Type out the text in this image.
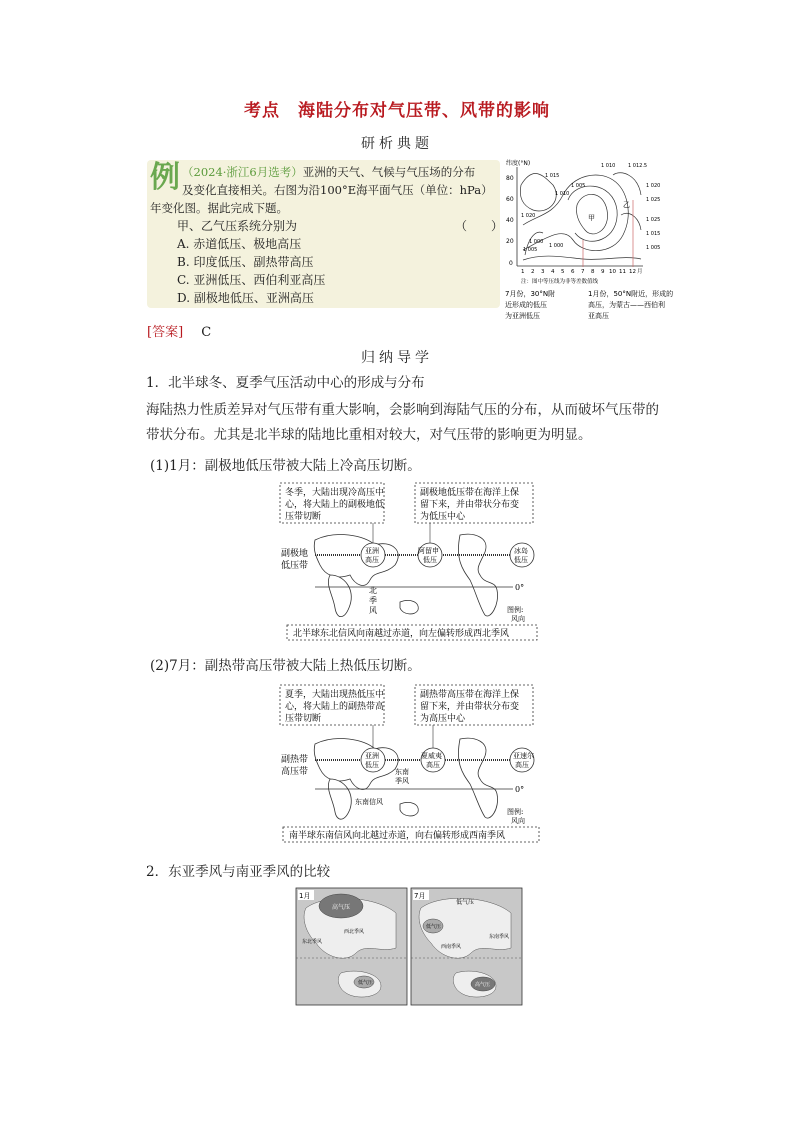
考点　海陆分布对气压带、风带的影响
研析典题
例 （2024·浙江6月选考）亚洲的天气、气候与气压场的分布
及变化直接相关。右图为沿100°E海平面气压（单位：hPa）
年变化图。据此完成下题。
甲、乙气压系统分别为	（　　）
A. 赤道低压、极地高压
B. 印度低压、副热带高压
C. 亚洲低压、西伯利亚高压
D. 副极地低压、亚洲高压
纬度(°N)
80
60
40
20
0
1 2 3 4 5 6 7 8 9 10 11 12 月
1 015
1 020
1 010
1 005
1 000
1 010	1 012.5
1 020
1 025
1 025
1 015
1 005
1 000	1 005
甲
乙
注：图中等压线为非等差数值线
7月份，30°N附
近形成的低压
为亚洲低压
1月份，50°N附近，形成的
高压，为蒙古——西伯利
亚高压
[答案] C
归纳导学
1．北半球冬、夏季气压活动中心的形成与分布
海陆热力性质差异对气压带有重大影响，会影响到海陆气压的分布，从而破坏气压带的
带状分布。尤其是北半球的陆地比重相对较大，对气压带的影响更为明显。
(1)1月：副极地低压带被大陆上冷高压切断。
冬季，大陆出现冷高压中
心，将大陆上的副极地低
压带切断
副极地低压带在海洋上保
留下来，并由带状分布变
为低压中心
0°
副极地
低压带
亚洲
高压
阿留申
低压
冰岛
低压
北
季
风	图例:
风向
北半球东北信风向南越过赤道，向左偏转形成西北季风
(2)7月：副热带高压带被大陆上热低压切断。
夏季，大陆出现热低压中
心，将大陆上的副热带高
压带切断
副热带高压带在海洋上保
留下来，并由带状分布变
为高压中心
0°
副热带
高压带
亚洲
低压
夏威夷
高压
亚速尔
高压
东南
季风
东南信风
图例:
风向
南半球东南信风向北越过赤道，向右偏转形成西南季风
2．东亚季风与南亚季风的比较
1月
高气压
西北季风
东北季风
低气压
7月
低气压
低气压
东南季风
西南季风
高气压
